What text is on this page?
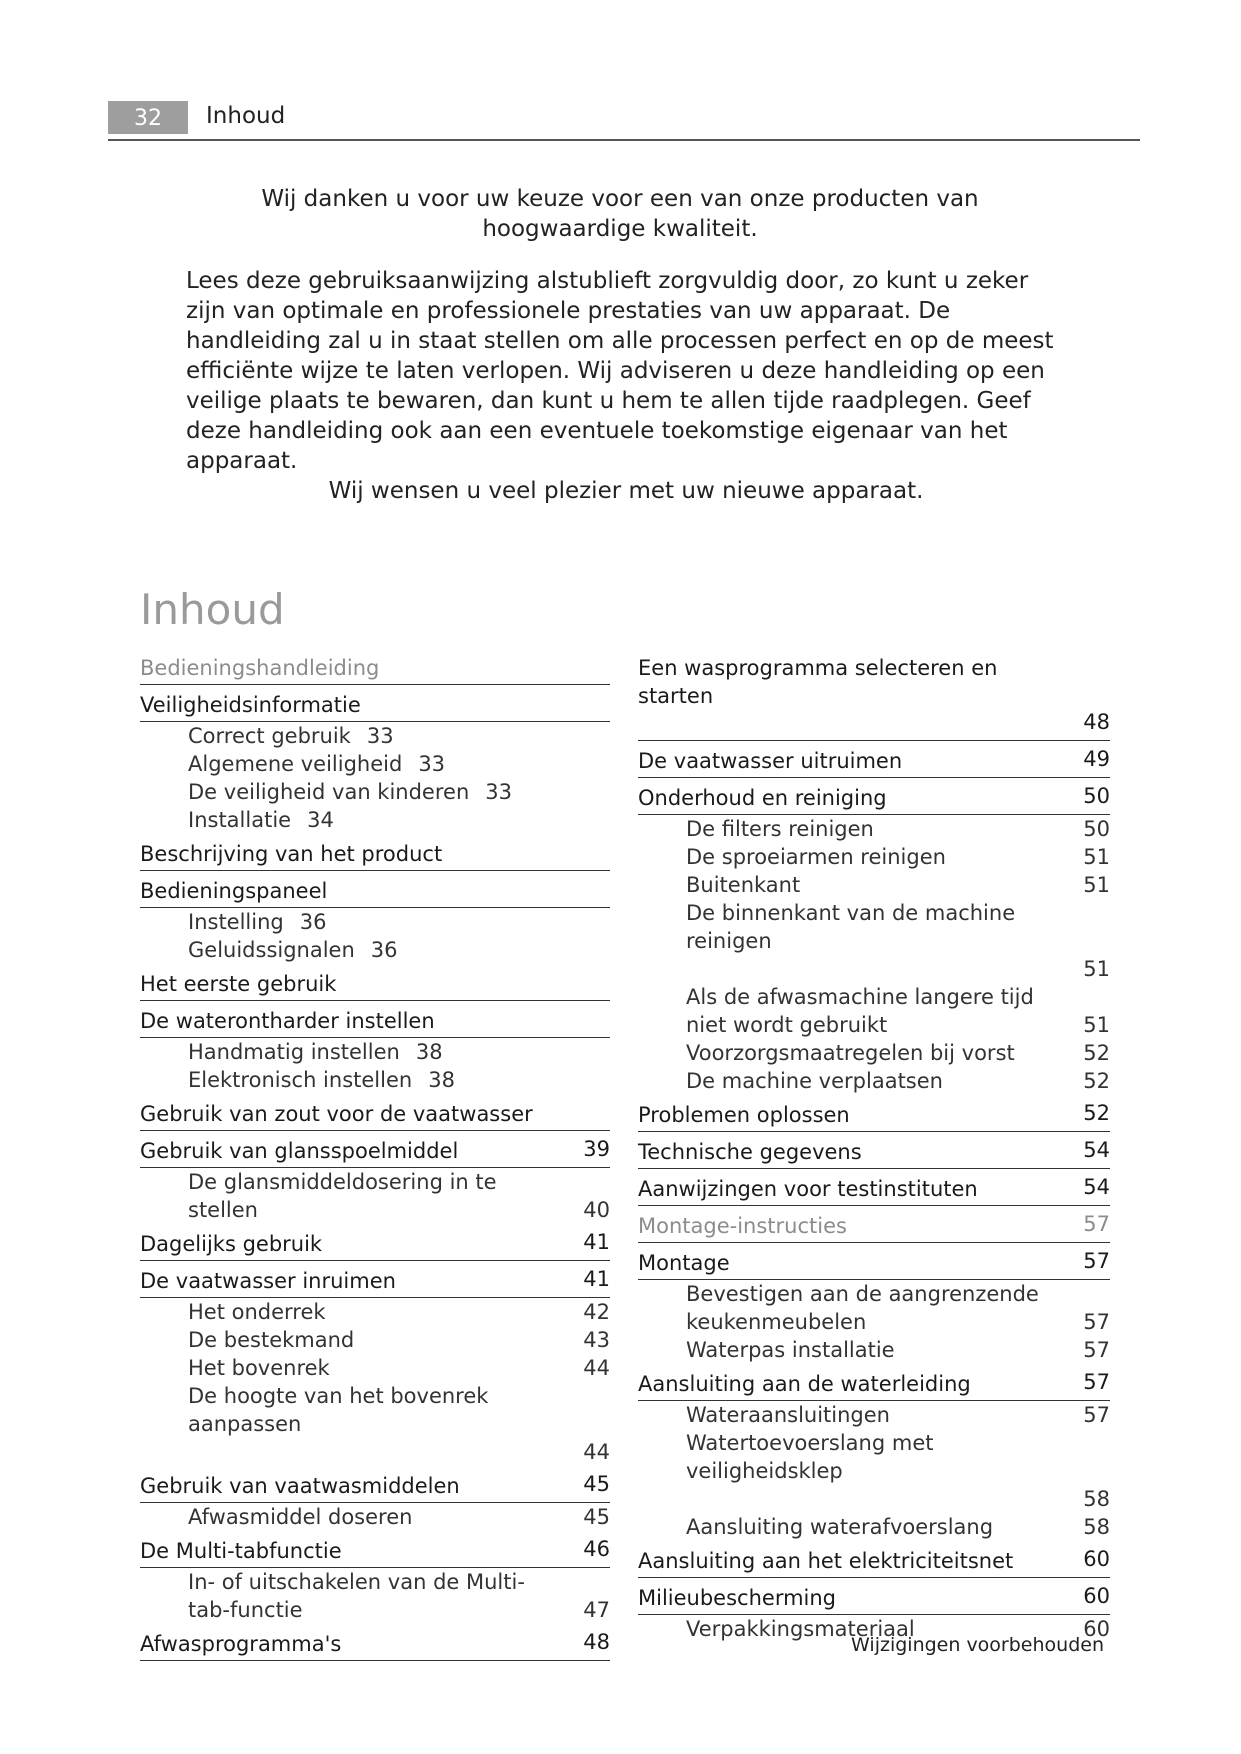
32	Inhoud
Wij danken u voor uw keuze voor een van onze producten van hoogwaardige kwaliteit.
Lees deze gebruiksaanwijzing alstublieft zorgvuldig door, zo kunt u zeker zijn van optimale en professionele prestaties van uw apparaat. De handleiding zal u in staat stellen om alle processen perfect en op de meest efficiënte wijze te laten verlopen. Wij adviseren u deze handleiding op een veilige plaats te bewaren, dan kunt u hem te allen tijde raadplegen. Geef deze handleiding ook aan een eventuele toekomstige eigenaar van het apparaat.
Wij wensen u veel plezier met uw nieuwe apparaat.
Inhoud
Bedieningshandleiding
Veiligheidsinformatie
Correct gebruik 33
Algemene veiligheid 33
De veiligheid van kinderen 33
Installatie 34
Beschrijving van het product
Bedieningspaneel
Instelling 36
Geluidssignalen 36
Het eerste gebruik
De waterontharder instellen
Handmatig instellen 38
Elektronisch instellen 38
Gebruik van zout voor de vaatwasser
Gebruik van glansspoelmiddel	39
De glansmiddeldosering in te stellen	40
Dagelijks gebruik	41
De vaatwasser inruimen	41
Het onderrek	42
De bestekmand	43
Het bovenrek	44
De hoogte van het bovenrek aanpassen
44
Gebruik van vaatwasmiddelen	45
Afwasmiddel doseren	45
De Multi-tabfunctie	46
In- of uitschakelen van de Multi-tab-functie	47
Afwasprogramma's	48
Een wasprogramma selecteren en starten
48
De vaatwasser uitruimen	49
Onderhoud en reiniging	50
De filters reinigen	50
De sproeiarmen reinigen	51
Buitenkant	51
De binnenkant van de machine reinigen
51
Als de afwasmachine langere tijd niet wordt gebruikt	51
Voorzorgsmaatregelen bij vorst	52
De machine verplaatsen	52
Problemen oplossen	52
Technische gegevens	54
Aanwijzingen voor testinstituten	54
Montage-instructies	57
Montage	57
Bevestigen aan de aangrenzende keukenmeubelen	57
Waterpas installatie	57
Aansluiting aan de waterleiding	57
Wateraansluitingen	57
Watertoevoerslang met veiligheidsklep
58
Aansluiting waterafvoerslang	58
Aansluiting aan het elektriciteitsnet	60
Milieubescherming	60
Verpakkingsmateriaal	60
Wijzigingen voorbehouden
